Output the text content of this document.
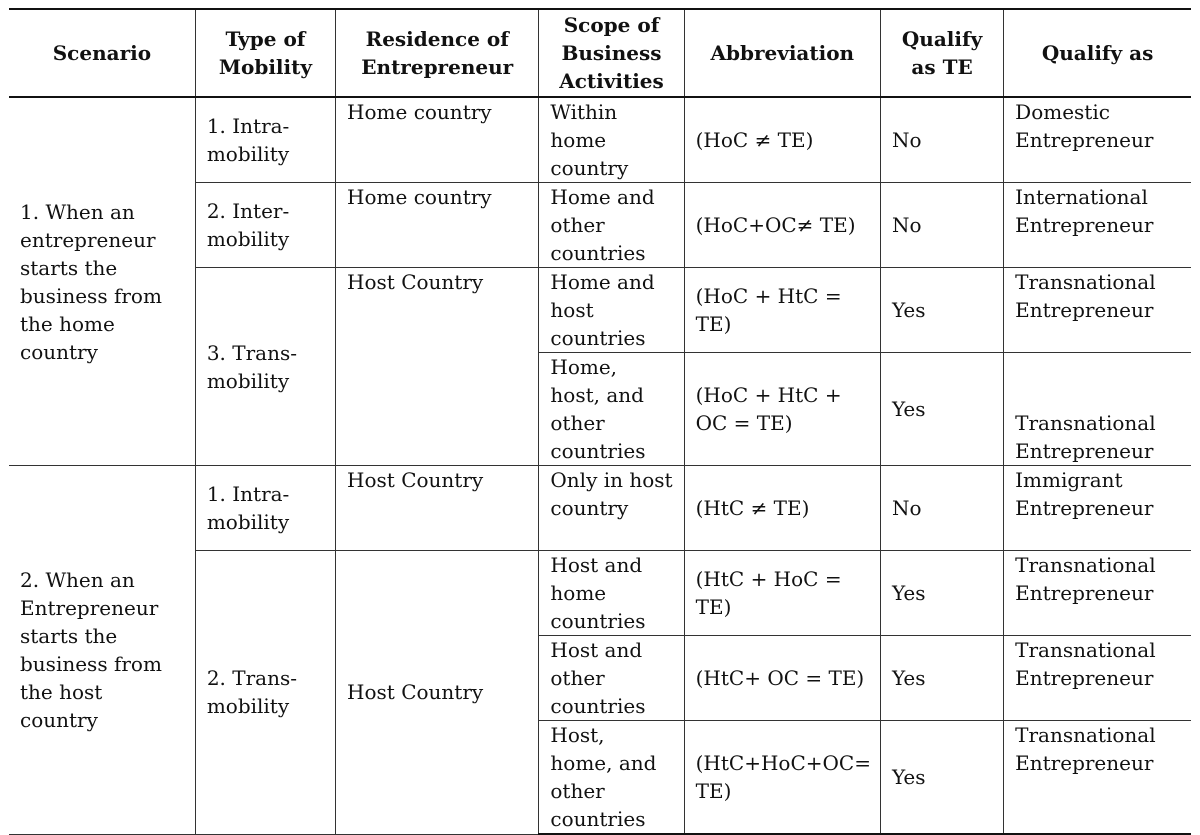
Scenario	Type of Mobility	Residence of Entrepreneur	Scope of Business Activities	Abbreviation	Qualify as TE	Qualify as
1. When an entrepreneur starts the business from the home country	1. Intra-mobility	Home country	Within home country	(HoC ≠ TE)	No	Domestic Entrepreneur
	2. Inter-mobility	Home country	Home and other countries	(HoC+OC≠ TE)	No	International Entrepreneur
	3. Trans-mobility	Host Country	Home and host countries	(HoC + HtC = TE)	Yes	Transnational Entrepreneur
			Home, host, and other countries	(HoC + HtC + OC = TE)	Yes	Transnational Entrepreneur
2. When an Entrepreneur starts the business from the host country	1. Intra-mobility	Host Country	Only in host country	(HtC ≠ TE)	No	Immigrant Entrepreneur
	2. Trans-mobility	Host Country	Host and home countries	(HtC + HoC = TE)	Yes	Transnational Entrepreneur
			Host and other countries	(HtC+ OC = TE)	Yes	Transnational Entrepreneur
			Host, home, and other countries	(HtC+HoC+OC= TE)	Yes	Transnational Entrepreneur
